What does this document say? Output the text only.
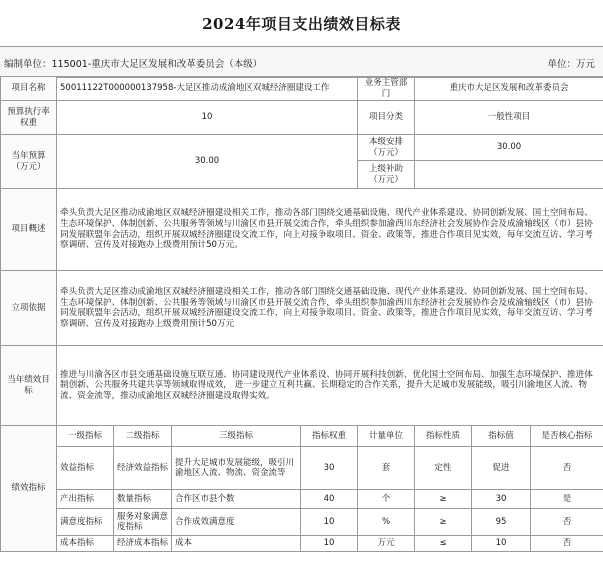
2024年项目支出绩效目标表
编制单位：115001-重庆市大足区发展和改革委员会（本级）	单位：万元
项目名称	50011122T000000137958-大足区推动成渝地区双城经济圈建设工作				业务主管部门	重庆市大足区发展和改革委员会		
预算执行率权重	10				项目分类	一般性项目		
当年预算（万元）	30.00				本级安排（万元）	30.00		
					上级补助（万元）			
项目概述	牵头负责大足区推动成渝地区双城经济圈建设相关工作，推动各部门围绕交通基础设施、现代产业体系建设、协同创新发展、国土空间布局、生态环境保护、体制创新、公共服务等领域与川渝区市县开展交流合作，牵头组织参加渝西川东经济社会发展协作会及成渝轴线区（市）县协同发展联盟年会活动，组织开展双城经济圈建设交流工作，向上对接争取项目、资金、政策等，推进合作项目见实效，每年交流互访、学习考察调研、宣传及对接跑办上级费用预计50万元。							
立项依据	牵头负责大足区推动成渝地区双城经济圈建设相关工作，推动各部门围绕交通基础设施、现代产业体系建设、协同创新发展、国土空间布局、生态环境保护、体制创新、公共服务等领域与川渝区市县开展交流合作，牵头组织参加渝西川东经济社会发展协作会及成渝轴线区（市）县协同发展联盟年会活动，组织开展双城经济圈建设交流工作，向上对接争取项目、资金、政策等，推进合作项目见实效，每年交流互访、学习考察调研、宣传及对接跑办上级费用预计50万元							
当年绩效目标	推进与川渝各区市县交通基础设施互联互通、协同建设现代产业体系设、协同开展科技创新、优化国土空间布局、加强生态环境保护、推进体制创新、公共服务共建共享等领域取得成效， 进一步建立互利共赢、长期稳定的合作关系，提升大足城市发展能级，吸引川渝地区人流、物流、资金流等，推动成渝地区双城经济圈建设取得实效。							
绩效指标	一级指标	二级指标	三级指标	指标权重	计量单位	指标性质	指标值	是否核心指标
	效益指标	经济效益指标	提升大足城市发展能级，吸引川渝地区人流、物流、资金流等	30	套	定性	促进	否
	产出指标	数量指标	合作区市县个数	40	个	≥	30	是
	满意度指标	服务对象满意度指标	合作成效满意度	10	%	≥	95	否
	成本指标	经济成本指标	成本	10	万元	≤	10	否
